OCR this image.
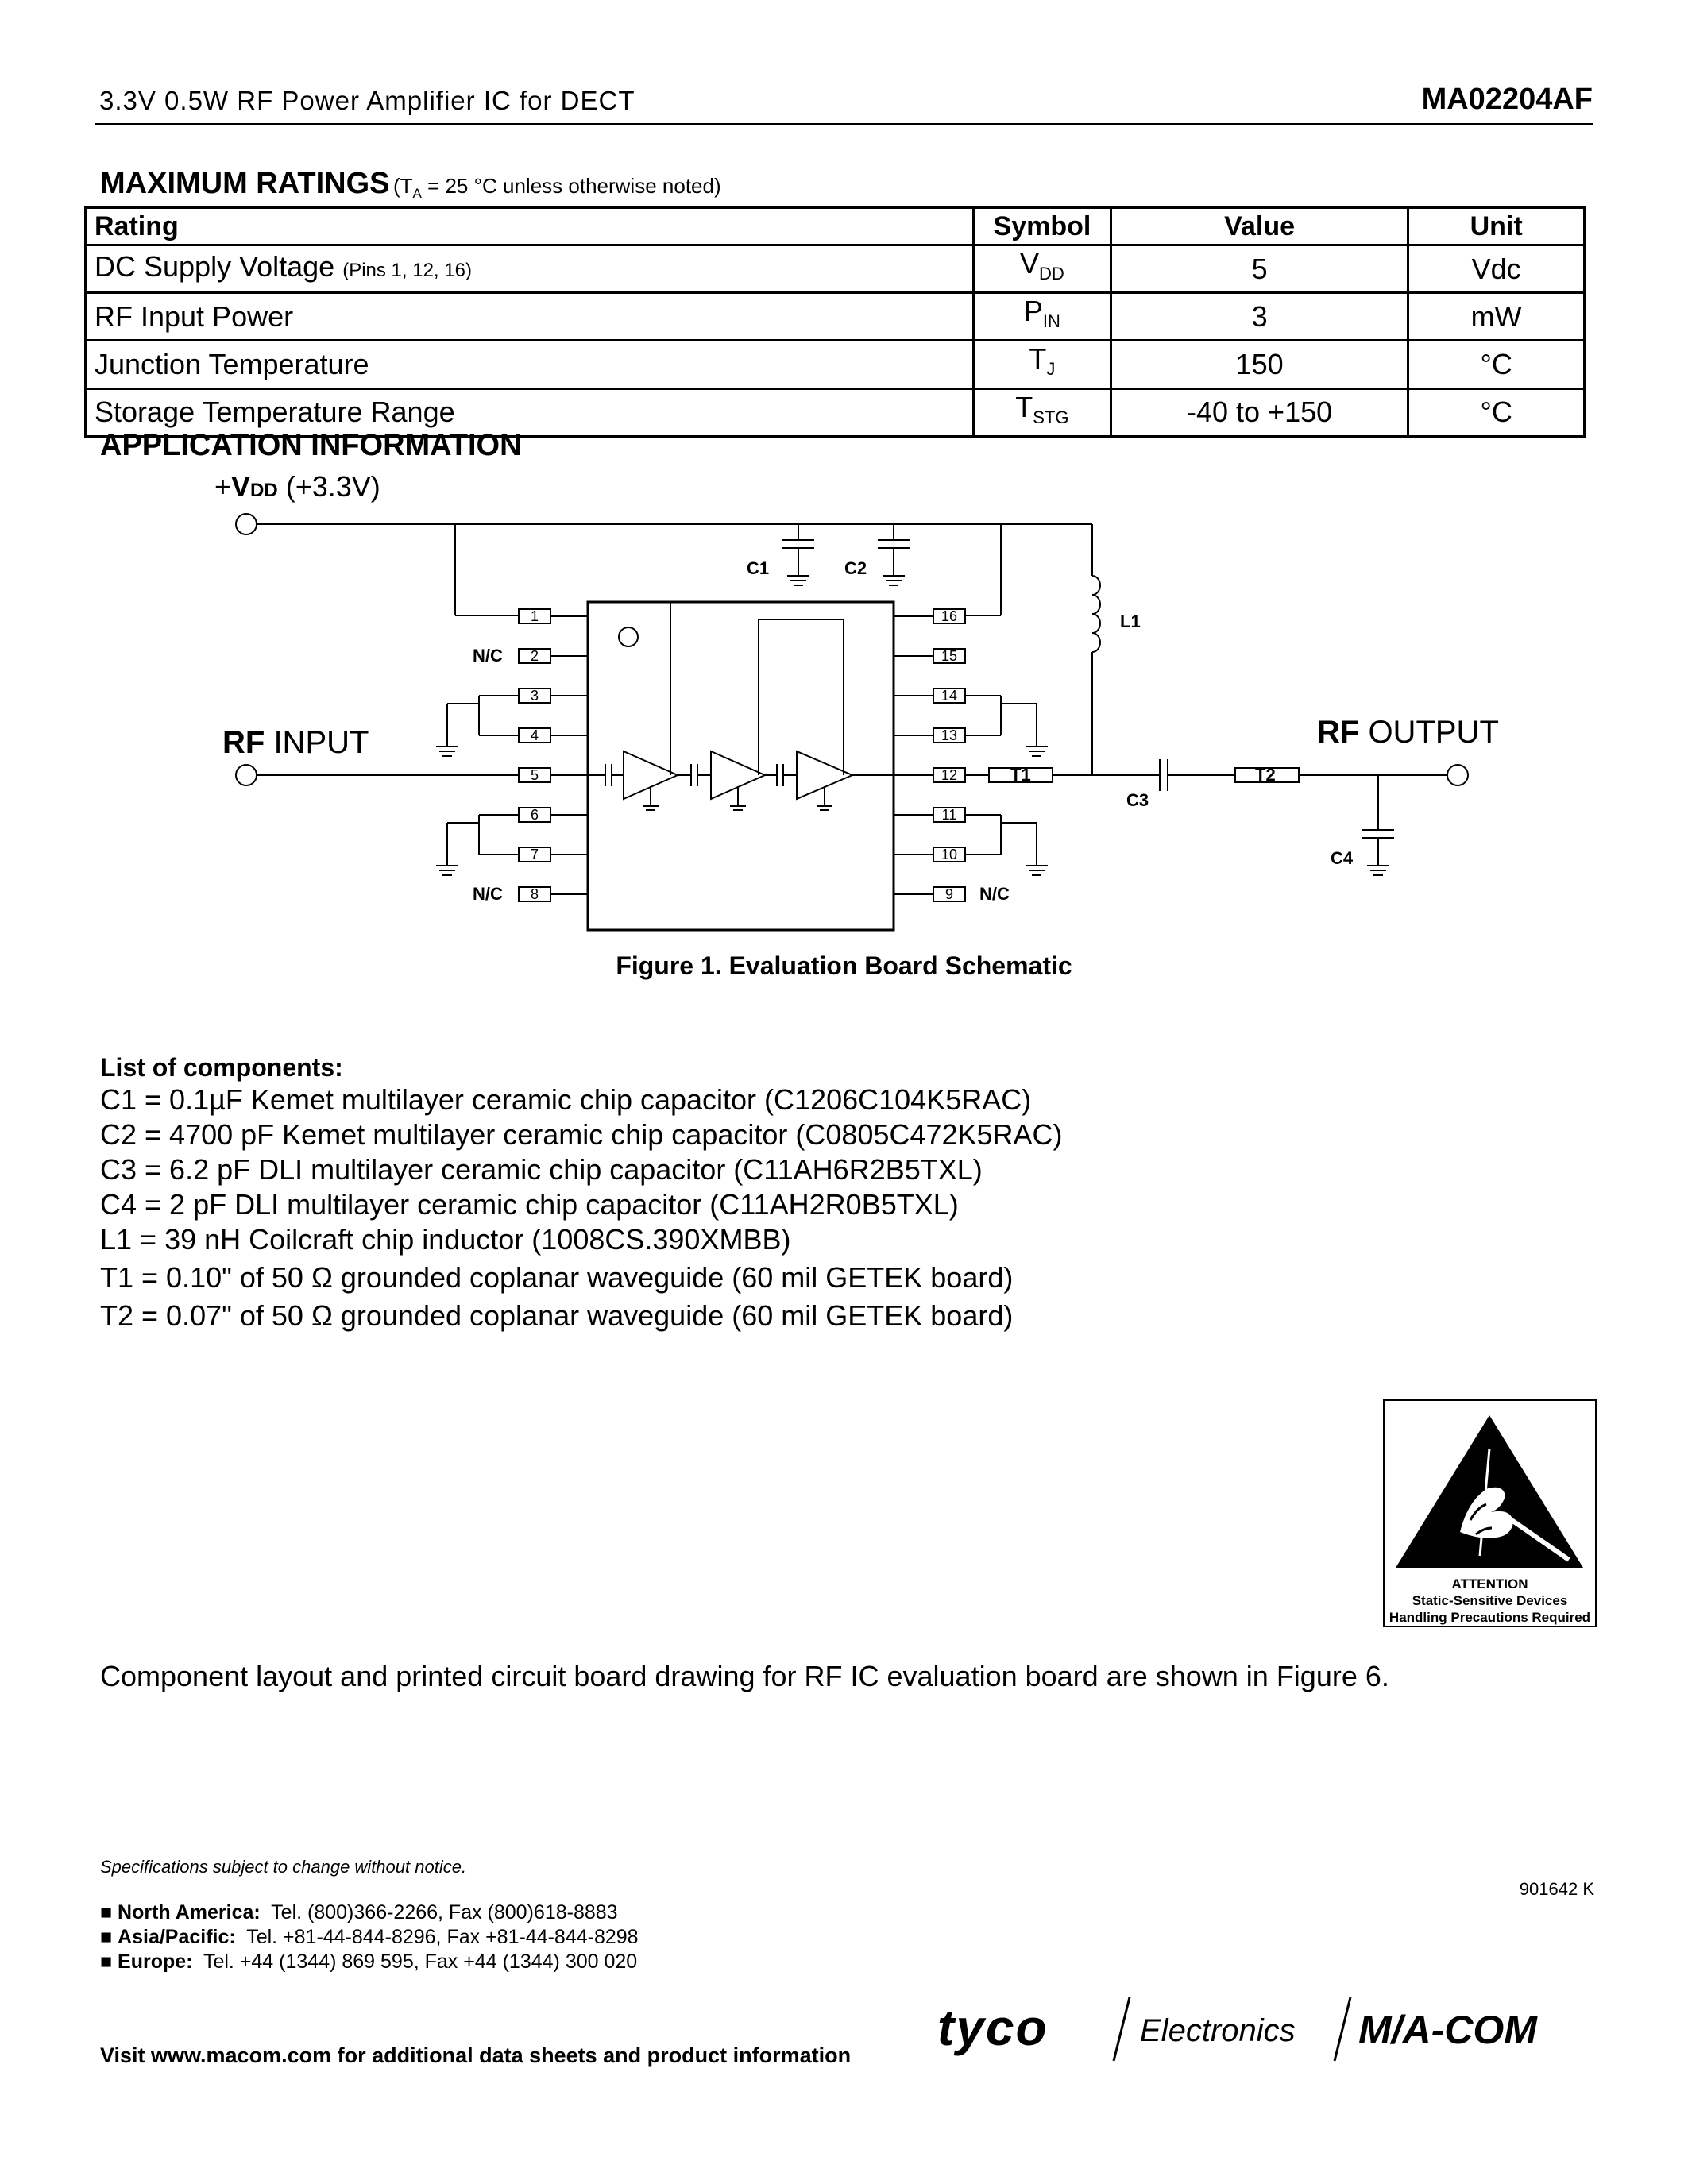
3.3V 0.5W RF Power Amplifier IC for DECT	MA02204AF
MAXIMUM RATINGS ($T_A = 25$ °C unless otherwise noted)
Rating	Symbol	Value	Unit
DC Supply Voltage (Pins 1, 12, 16)	$V_{DD}$	5	Vdc
RF Input Power	$P_{IN}$	3	mW
Junction Temperature	$T_J$	150	°C
Storage Temperature Range	$T_{STG}$	-40 to +150	°C
APPLICATION INFORMATION
1
2
3
4
5
6
7
8
16
15
14
13
12
11
10
9
C1	C2
L1
T1	T2
C3
C4
N/C
N/C	N/C
+VDD (+3.3V)
RF INPUT	RF OUTPUT
Figure 1. Evaluation Board Schematic
List of components:
C1 = 0.1µF Kemet multilayer ceramic chip capacitor (C1206C104K5RAC)
C2 = 4700 pF Kemet multilayer ceramic chip capacitor (C0805C472K5RAC)
C3 = 6.2 pF DLI multilayer ceramic chip capacitor (C11AH6R2B5TXL)
C4 = 2 pF DLI multilayer ceramic chip capacitor (C11AH2R0B5TXL)
L1 = 39 nH Coilcraft chip inductor (1008CS.390XMBB)
T1 = 0.10" of 50 Ω grounded coplanar waveguide (60 mil GETEK board)
T2 = 0.07" of 50 Ω grounded coplanar waveguide (60 mil GETEK board)
ATTENTION
Static-Sensitive Devices
Handling Precautions Required
Component layout and printed circuit board drawing for RF IC evaluation board are shown in Figure 6.
Specifications subject to change without notice.
901642 K
■ North America: Tel. (800)366-2266, Fax (800)618-8883
■ Asia/Pacific: Tel. +81-44-844-8296, Fax +81-44-844-8298
■ Europe: Tel. +44 (1344) 869 595, Fax +44 (1344) 300 020
Visit www.macom.com for additional data sheets and product information tyco	Electronics M/A-COM
